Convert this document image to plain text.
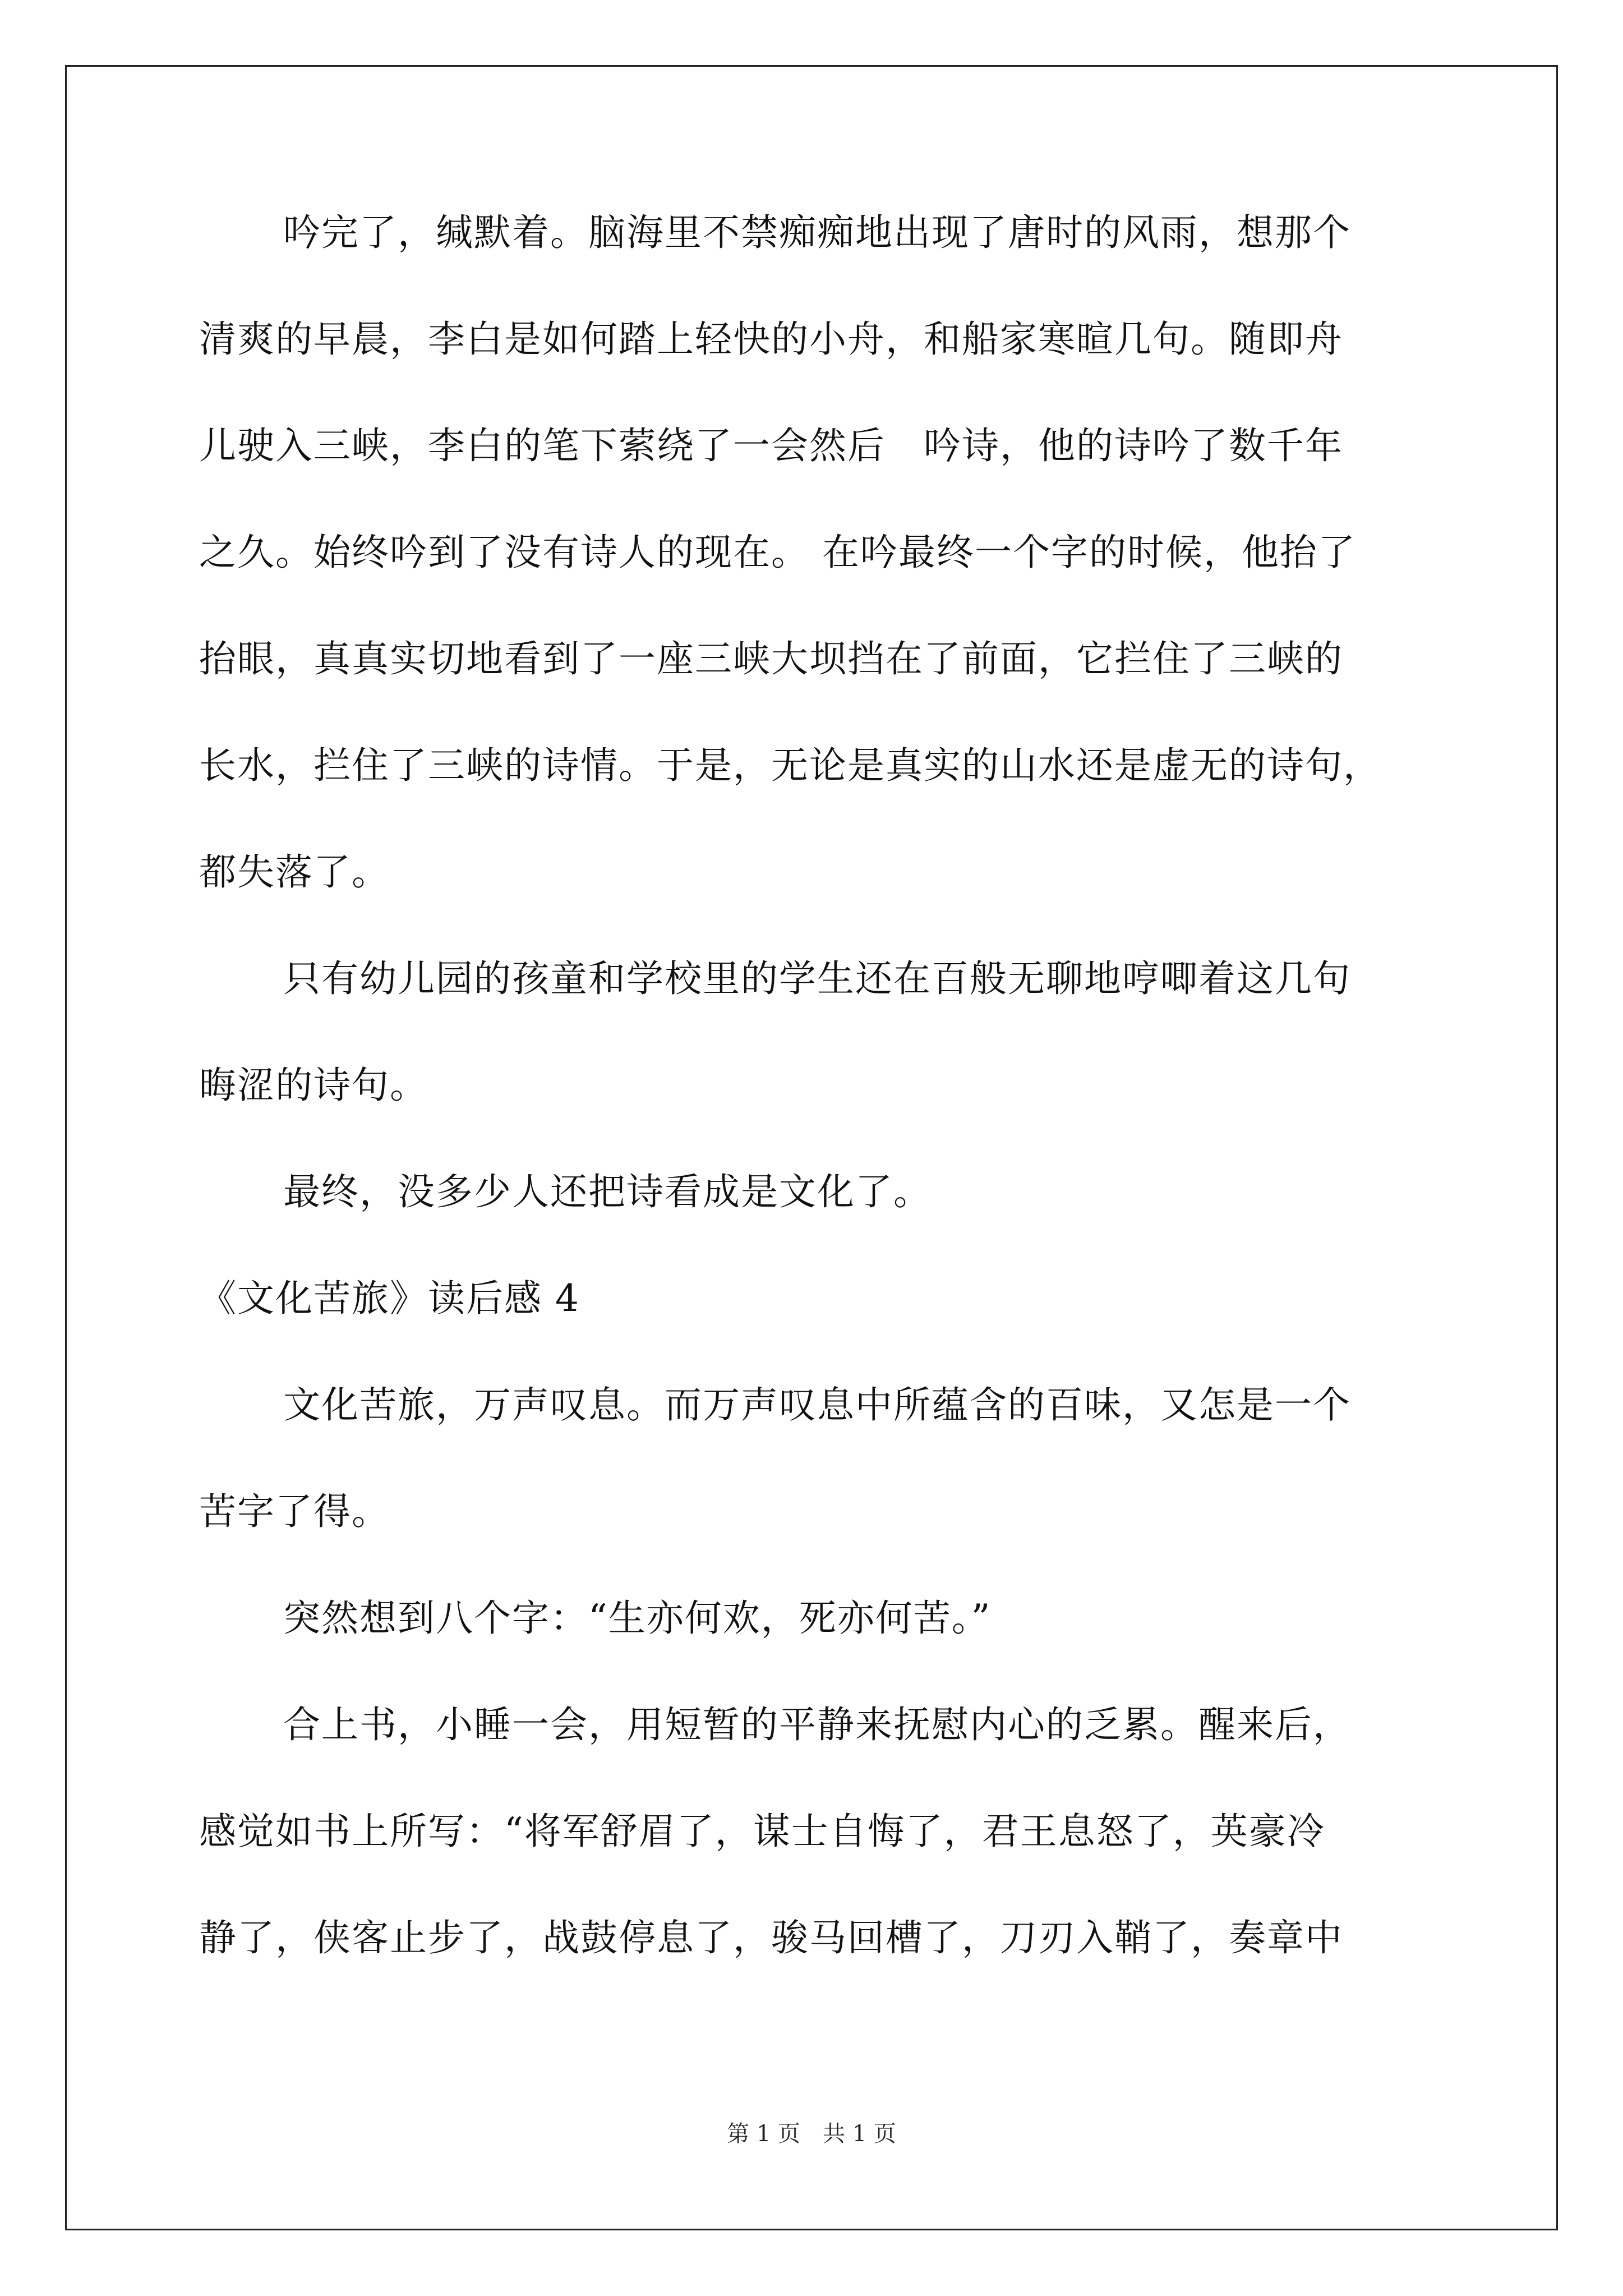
吟完了，缄默着。脑海里不禁痴痴地出现了唐时的风雨，想那个
清爽的早晨，李白是如何踏上轻快的小舟，和船家寒暄几句。随即舟
儿驶入三峡，李白的笔下萦绕了一会然后　吟诗，他的诗吟了数千年
之久。始终吟到了没有诗人的现在。 在吟最终一个字的时候，他抬了
抬眼，真真实切地看到了一座三峡大坝挡在了前面，它拦住了三峡的
长水，拦住了三峡的诗情。于是，无论是真实的山水还是虚无的诗句，
都失落了。
只有幼儿园的孩童和学校里的学生还在百般无聊地哼唧着这几句
晦涩的诗句。
最终，没多少人还把诗看成是文化了。
《文化苦旅》读后感 4
文化苦旅，万声叹息。而万声叹息中所蕴含的百味，又怎是一个
苦字了得。
突然想到八个字：“生亦何欢，死亦何苦。”
合上书，小睡一会，用短暂的平静来抚慰内心的乏累。醒来后，
感觉如书上所写：“将军舒眉了，谋士自悔了，君王息怒了，英豪冷
静了，侠客止步了，战鼓停息了，骏马回槽了，刀刃入鞘了，奏章中
第 1 页　共 1 页
